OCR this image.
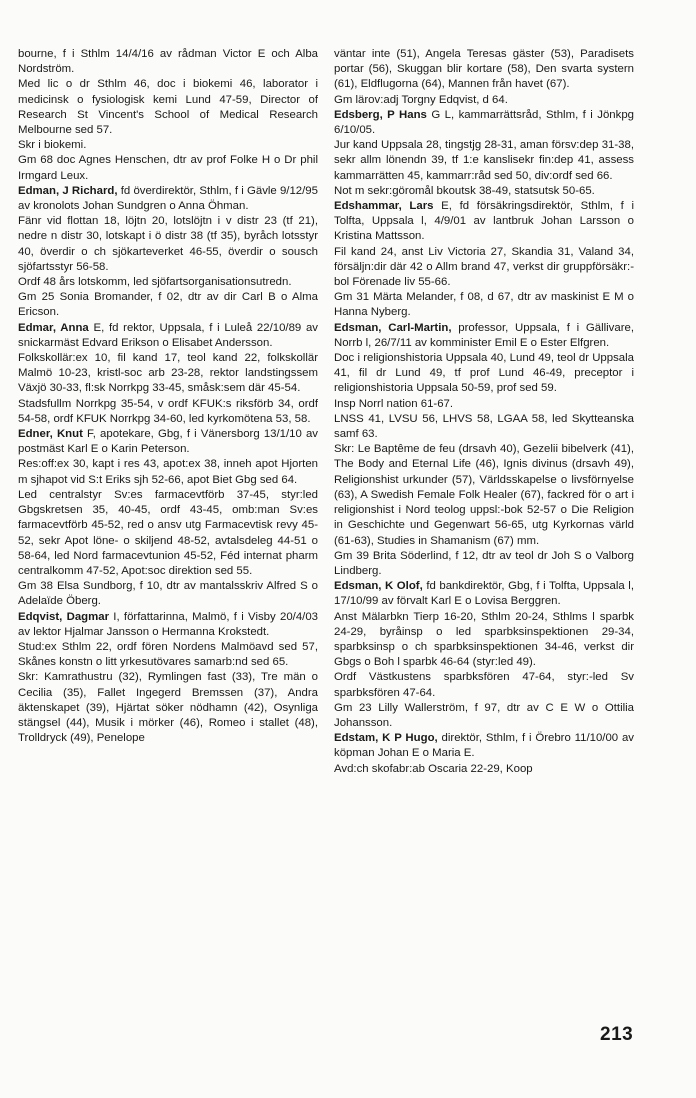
bourne, f i Sthlm 14/4/16 av rådman Victor E och Alba Nordström.

Med lic o dr Sthlm 46, doc i biokemi 46, laborator i medicinsk o fysiologisk kemi Lund 47-59, Director of Research St Vincent's School of Medical Research Melbourne sed 57.

Skr i biokemi.

Gm 68 doc Agnes Henschen, dtr av prof Folke H o Dr phil Irmgard Leux.

Edman, J Richard, fd överdirektör, Sthlm, f i Gävle 9/12/95 av kronolots Johan Sundgren o Anna Öhman.

Fänr vid flottan 18, löjtn 20, lotslöjtn i v distr 23 (tf 21), nedre n distr 30, lotskapt i ö distr 38 (tf 35), byråch lotsstyr 40, överdir o ch sjökarteverket 46-55, överdir o sousch sjöfartsstyr 56-58.

Ordf 48 års lotskomm, led sjöfartsorganisationsutredn.

Gm 25 Sonia Bromander, f 02, dtr av dir Carl B o Alma Ericson.

Edmar, Anna E, fd rektor, Uppsala, f i Luleå 22/10/89 av snickarmäst Edvard Erikson o Elisabet Andersson.

Folkskollär:ex 10, fil kand 17, teol kand 22, folkskollär Malmö 10-23, kristl-soc arb 23-28, rektor landstingssem Växjö 30-33, fl:sk Norrkpg 33-45, småsk:sem där 45-54.

Stadsfullm Norrkpg 35-54, v ordf KFUK:s riksförb 34, ordf 54-58, ordf KFUK Norrkpg 34-60, led kyrkomötena 53, 58.

Edner, Knut F, apotekare, Gbg, f i Vänersborg 13/1/10 av postmäst Karl E o Karin Peterson.

Res:off:ex 30, kapt i res 43, apot:ex 38, inneh apot Hjorten m sjhapot vid S:t Eriks sjh 52-66, apot Biet Gbg sed 64.

Led centralstyr Sv:es farmacevtförb 37-45, styr:led Gbgskretsen 35, 40-45, ordf 43-45, omb:man Sv:es farmacevtförb 45-52, red o ansv utg Farmacevtisk revy 45-52, sekr Apot löne- o skiljend 48-52, avtalsdeleg 44-51 o 58-64, led Nord farmacevtunion 45-52, Féd internat pharm centralkomm 47-52, Apot:soc direktion sed 55.

Gm 38 Elsa Sundborg, f 10, dtr av mantalsskriv Alfred S o Adelaïde Öberg.

Edqvist, Dagmar I, författarinna, Malmö, f i Visby 20/4/03 av lektor Hjalmar Jansson o Hermanna Krokstedt.

Stud:ex Sthlm 22, ordf fören Nordens Malmöavd sed 57, Skånes konstn o litt yrkesutövares samarb:nd sed 65.

Skr: Kamrathustru (32), Rymlingen fast (33), Tre män o Cecilia (35), Fallet Ingegerd Bremssen (37), Andra äktenskapet (39), Hjärtat söker nödhamn (42), Osynliga stängsel (44), Musik i mörker (46), Romeo i stallet (48), Trolldryck (49), Penelope

väntar inte (51), Angela Teresas gäster (53), Paradisets portar (56), Skuggan blir kortare (58), Den svarta systern (61), Eldflugorna (64), Mannen från havet (67).

Gm lärov:adj Torgny Edqvist, d 64.

Edsberg, P Hans G L, kammarrättsråd, Sthlm, f i Jönkpg 6/10/05.

Jur kand Uppsala 28, tingstjg 28-31, aman försv:dep 31-38, sekr allm lönendn 39, tf 1:e kanslisekr fin:dep 41, assess kammarrätten 45, kammarr:råd sed 50, div:ordf sed 66.

Not m sekr:göromål bkoutsk 38-49, statsutsk 50-65.

Edshammar, Lars E, fd försäkringsdirektör, Sthlm, f i Tolfta, Uppsala l, 4/9/01 av lantbruk Johan Larsson o Kristina Mattsson.

Fil kand 24, anst Liv Victoria 27, Skandia 31, Valand 34, försäljn:dir där 42 o Allm brand 47, verkst dir gruppförsäkr:-bol Förenade liv 55-66.

Gm 31 Märta Melander, f 08, d 67, dtr av maskinist E M o Hanna Nyberg.

Edsman, Carl-Martin, professor, Uppsala, f i Gällivare, Norrb l, 26/7/11 av komminister Emil E o Ester Elfgren.

Doc i religionshistoria Uppsala 40, Lund 49, teol dr Uppsala 41, fil dr Lund 49, tf prof Lund 46-49, preceptor i religionshistoria Uppsala 50-59, prof sed 59.

Insp Norrl nation 61-67.

LNSS 41, LVSU 56, LHVS 58, LGAA 58, led Skytteanska samf 63.

Skr: Le Baptême de feu (drsavh 40), Gezelii bibelverk (41), The Body and Eternal Life (46), Ignis divinus (drsavh 49), Religionshist urkunder (57), Världsskapelse o livsförnyelse (63), A Swedish Female Folk Healer (67), fackred för o art i religionshist i Nord teolog uppsl:-bok 52-57 o Die Religion in Geschichte und Gegenwart 56-65, utg Kyrkornas värld (61-63), Studies in Shamanism (67) mm.

Gm 39 Brita Söderlind, f 12, dtr av teol dr Joh S o Valborg Lindberg.

Edsman, K Olof, fd bankdirektör, Gbg, f i Tolfta, Uppsala l, 17/10/99 av förvalt Karl E o Lovisa Berggren.

Anst Mälarbkn Tierp 16-20, Sthlm 20-24, Sthlms l sparbk 24-29, byråinsp o led sparbksinspektionen 29-34, sparbksinsp o ch sparbksinspektionen 34-46, verkst dir Gbgs o Boh l sparbk 46-64 (styr:led 49).

Ordf Västkustens sparbksfören 47-64, styr:-led Sv sparbksfören 47-64.

Gm 23 Lilly Wallerström, f 97, dtr av C E W o Ottilia Johansson.

Edstam, K P Hugo, direktör, Sthlm, f i Örebro 11/10/00 av köpman Johan E o Maria E.

Avd:ch skofabr:ab Oscaria 22-29, Koop

213
